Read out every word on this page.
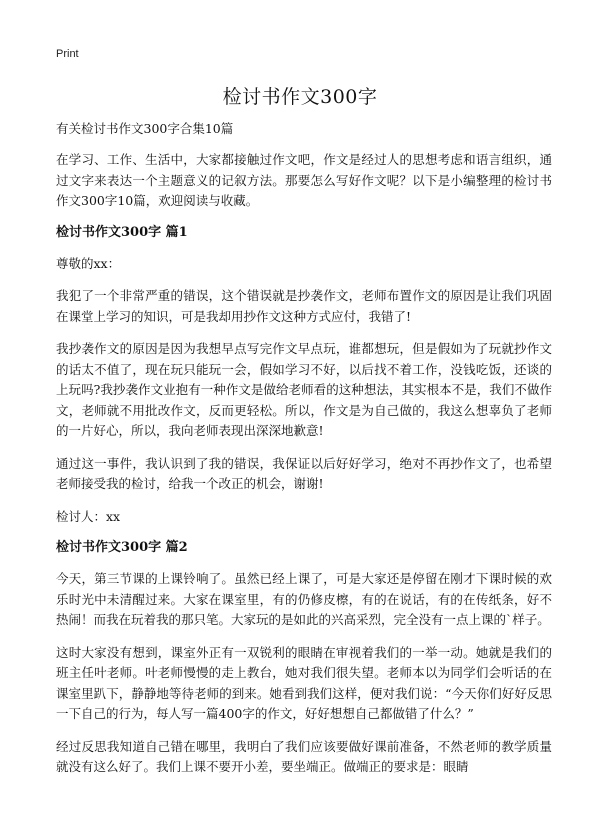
Print
检讨书作文300字
有关检讨书作文300字合集10篇

在学习、工作、生活中，大家都接触过作文吧，作文是经过人的思想考虑和语言组织，通过文字来表达一个主题意义的记叙方法。那要怎么写好作文呢？以下是小编整理的检讨书作文300字10篇，欢迎阅读与收藏。

检讨书作文300字 篇1

尊敬的xx：

我犯了一个非常严重的错误，这个错误就是抄袭作文，老师布置作文的原因是让我们巩固在课堂上学习的知识，可是我却用抄作文这种方式应付，我错了!

我抄袭作文的原因是因为我想早点写完作文早点玩，谁都想玩，但是假如为了玩就抄作文的话太不值了，现在玩只能玩一会，假如学习不好，以后找不着工作，没钱吃饭，还谈的上玩吗?我抄袭作文业抱有一种作文是做给老师看的这种想法，其实根本不是，我们不做作文，老师就不用批改作文，反而更轻松。所以，作文是为自己做的，我这么想辜负了老师的一片好心，所以，我向老师表现出深深地歉意!

通过这一事件，我认识到了我的错误，我保证以后好好学习，绝对不再抄作文了，也希望老师接受我的检讨，给我一个改正的机会，谢谢!

检讨人：xx

检讨书作文300字 篇2

今天，第三节课的上课铃响了。虽然已经上课了，可是大家还是停留在刚才下课时候的欢乐时光中未清醒过来。大家在课室里，有的仍修皮檫，有的在说话，有的在传纸条，好不热闹！而我在玩着我的那只笔。大家玩的是如此的兴高采烈，完全没有一点上课的`样子。

这时大家没有想到，课室外正有一双锐利的眼睛在审视着我们的一举一动。她就是我们的班主任叶老师。叶老师慢慢的走上教台，她对我们很失望。老师本以为同学们会听话的在课室里趴下，静静地等待老师的到来。她看到我们这样，便对我们说：“今天你们好好反思一下自己的行为，每人写一篇400字的作文，好好想想自己都做错了什么？”

经过反思我知道自己错在哪里，我明白了我们应该要做好课前准备，不然老师的教学质量就没有这么好了。我们上课不要开小差，要坐端正。做端正的要求是：眼睛
